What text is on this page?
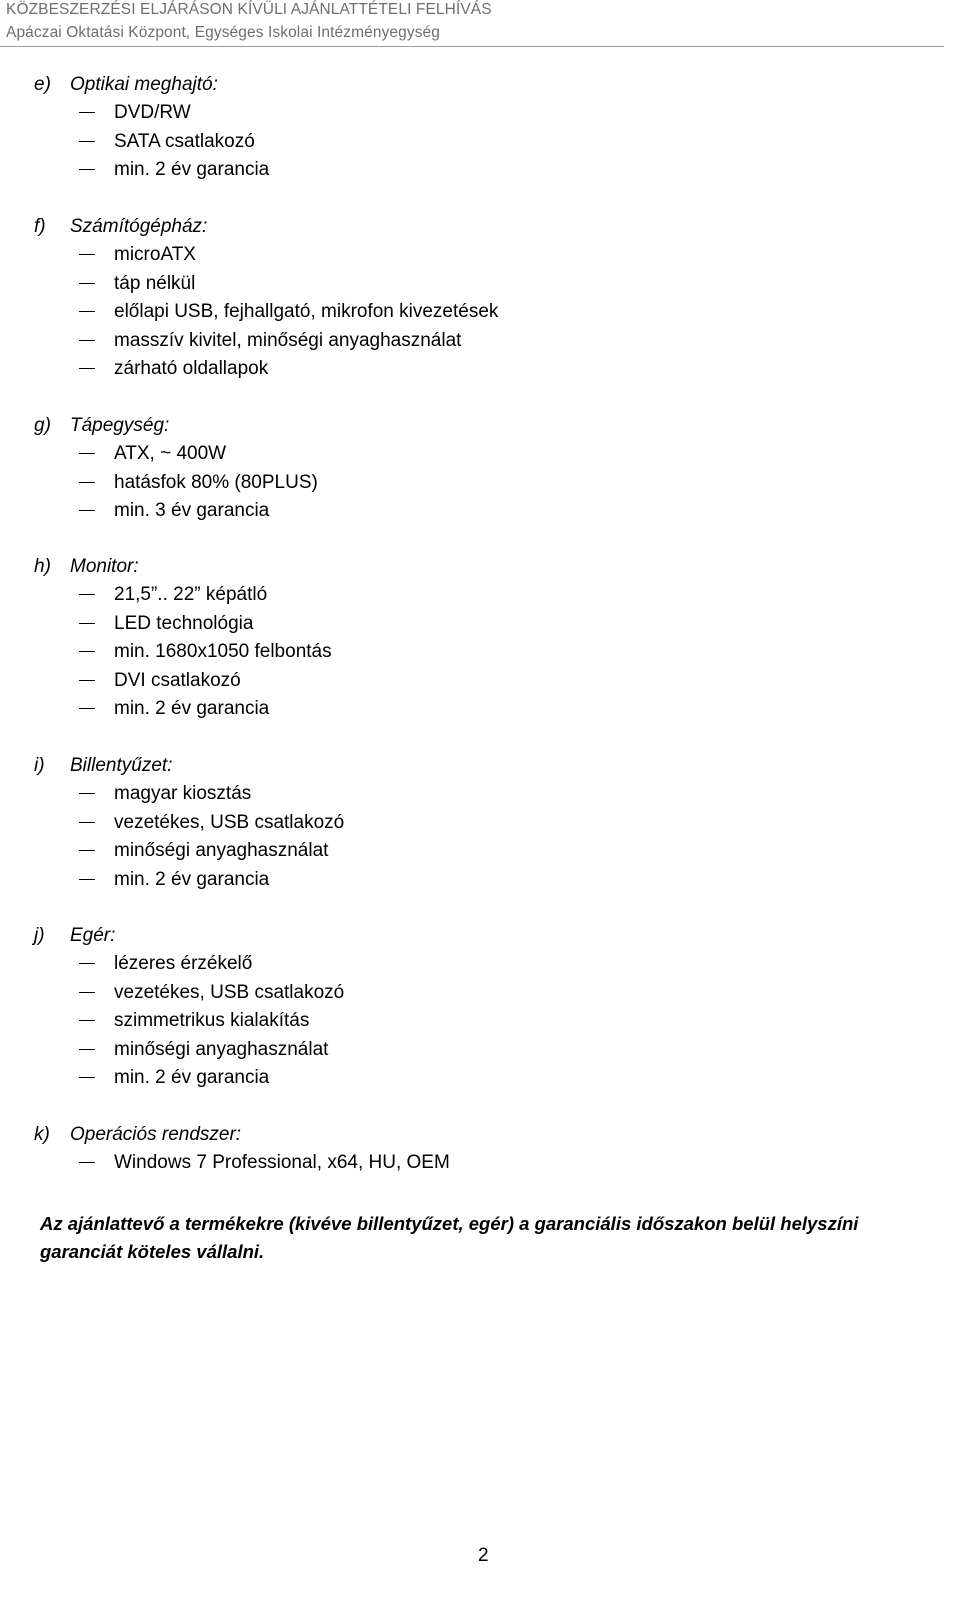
KÖZBESZERZÉSI ELJÁRÁSON KÍVÜLI AJÁNLATTÉTELI FELHÍVÁS
Apáczai Oktatási Központ, Egységes Iskolai Intézményegység
e) Optikai meghajtó:
DVD/RW
SATA csatlakozó
min. 2 év garancia
f) Számítógépház:
microATX
táp nélkül
előlapi USB, fejhallgató, mikrofon kivezetések
masszív kivitel, minőségi anyaghasználat
zárható oldallapok
g) Tápegység:
ATX, ~ 400W
hatásfok 80% (80PLUS)
min. 3 év garancia
h) Monitor:
21,5”.. 22” képátló
LED technológia
min. 1680x1050 felbontás
DVI csatlakozó
min. 2 év garancia
i) Billentyűzet:
magyar kiosztás
vezetékes, USB csatlakozó
minőségi anyaghasználat
min. 2 év garancia
j) Egér:
lézeres érzékelő
vezetékes, USB csatlakozó
szimmetrikus kialakítás
minőségi anyaghasználat
min. 2 év garancia
k) Operációs rendszer:
Windows 7 Professional, x64, HU, OEM
Az ajánlattevő a termékekre (kivéve billentyűzet, egér) a garanciális időszakon belül helyszíni garanciát köteles vállalni.
2
